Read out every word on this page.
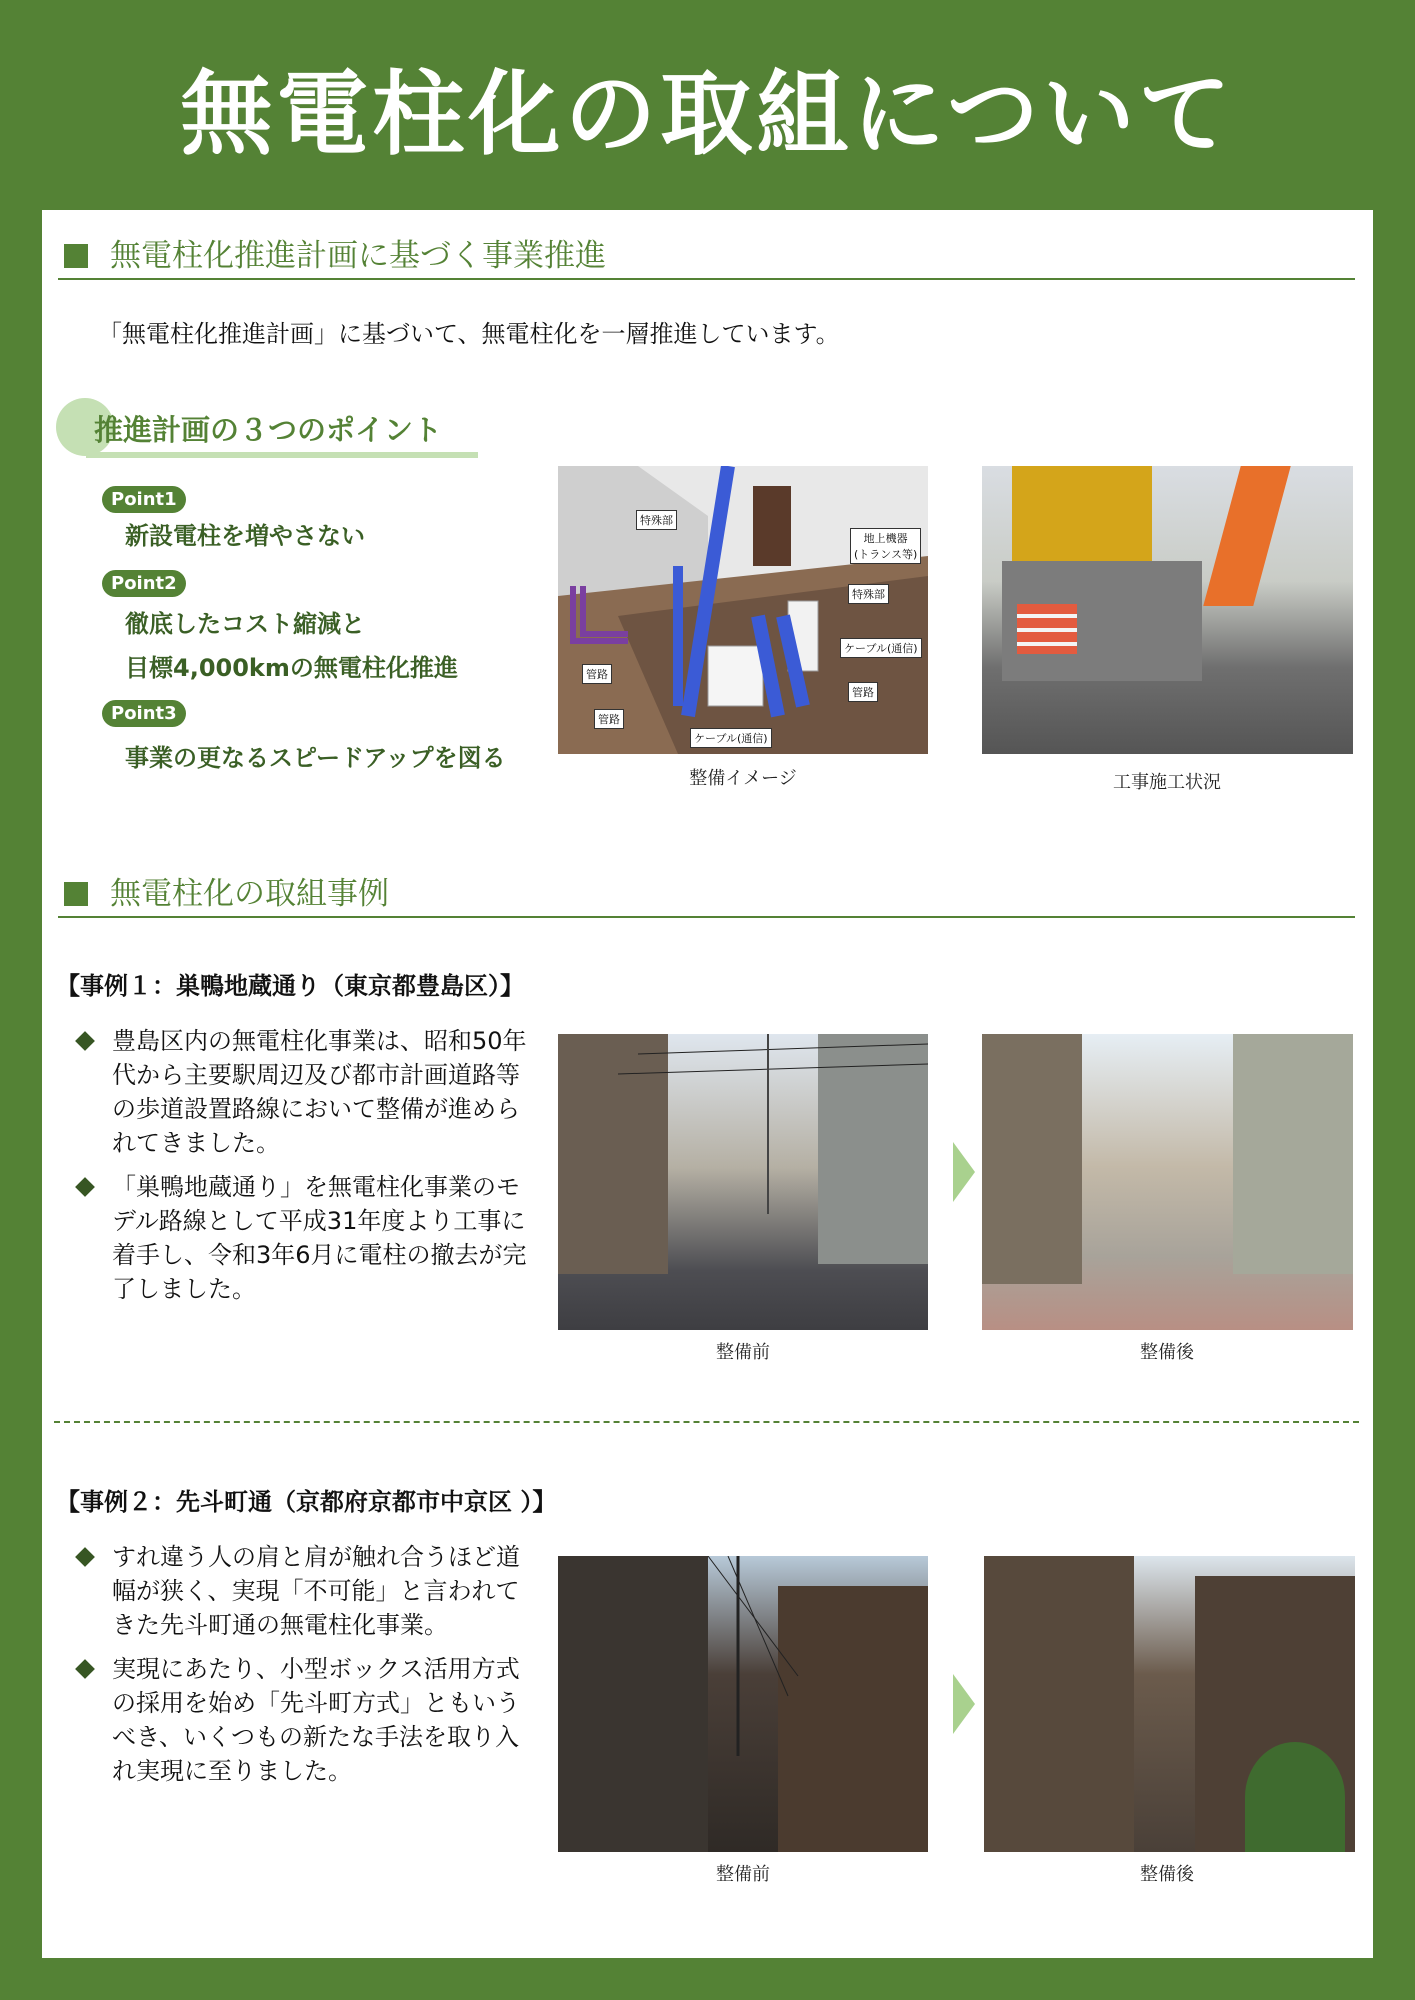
無電柱化の取組について
無電柱化推進計画に基づく事業推進
「無電柱化推進計画」に基づいて、無電柱化を一層推進しています。
推進計画の３つのポイント
Point1
新設電柱を増やさない
Point2
徹底したコスト縮減と
目標4,000kmの無電柱化推進
Point3
事業の更なるスピードアップを図る
特殊部
地上機器
(トランス等)
特殊部
ケーブル(通信)
管路
管路
管路
ケーブル(通信)
整備イメージ	工事施工状況
無電柱化の取組事例
【事例１：巣鴨地蔵通り（東京都豊島区）】
豊島区内の無電柱化事業は、昭和50年代から主要駅周辺及び都市計画道路等の歩道設置路線において整備が進められてきました。
「巣鴨地蔵通り」を無電柱化事業のモデル路線として平成31年度より工事に着手し、令和3年6月に電柱の撤去が完了しました。
整備前	整備後
【事例２：先斗町通（京都府京都市中京区 ）】
すれ違う人の肩と肩が触れ合うほど道幅が狭く、実現「不可能」と言われてきた先斗町通の無電柱化事業。
実現にあたり、小型ボックス活用方式の採用を始め「先斗町方式」ともいうべき、いくつもの新たな手法を取り入れ実現に至りました。
整備前	整備後
